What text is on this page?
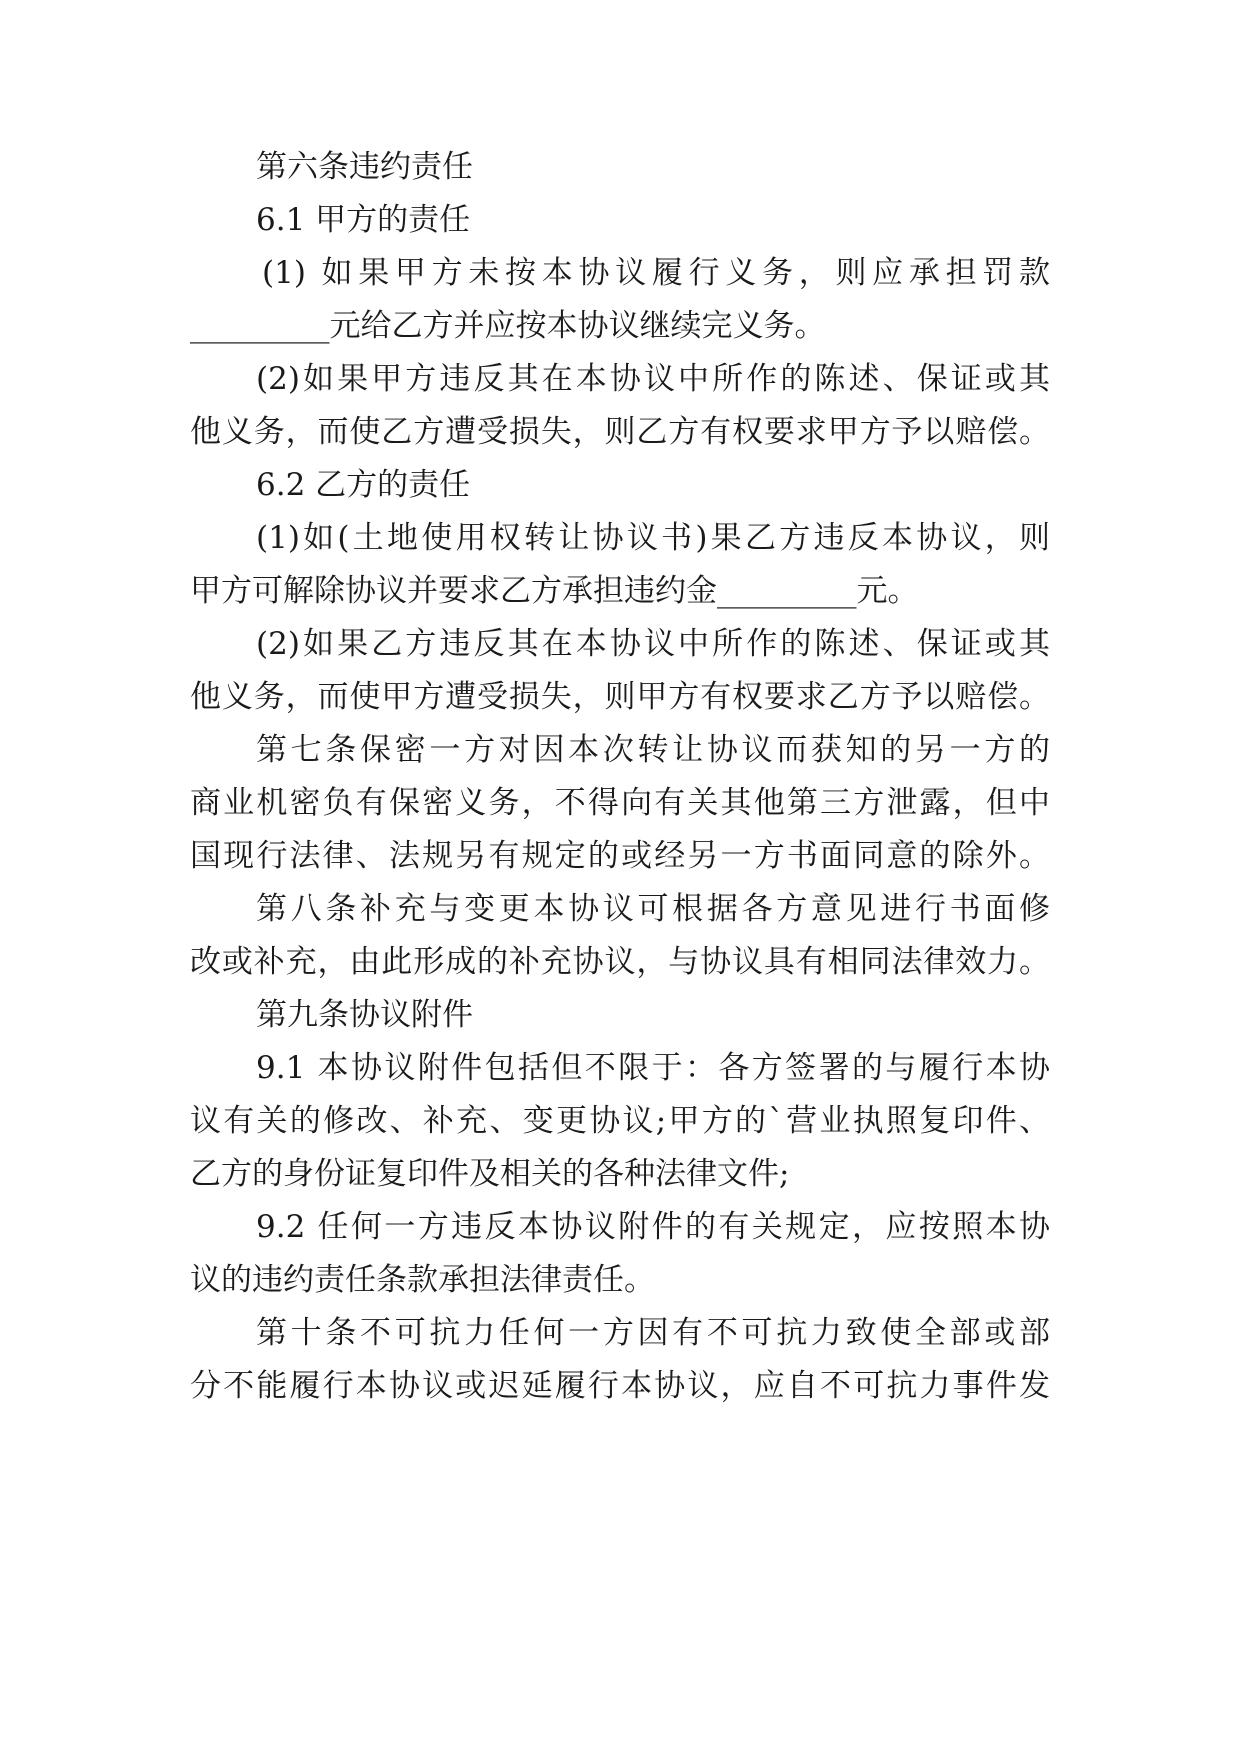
第六条违约责任
6.1 甲方的责任
(1) 如果甲方未按本协议履行义务，则应承担罚款
_________元给乙方并应按本协议继续完义务。
(2)如果甲方违反其在本协议中所作的陈述、保证或其
他义务，而使乙方遭受损失，则乙方有权要求甲方予以赔偿。
6.2 乙方的责任
(1)如(土地使用权转让协议书)果乙方违反本协议，则
甲方可解除协议并要求乙方承担违约金_________元。
(2)如果乙方违反其在本协议中所作的陈述、保证或其
他义务，而使甲方遭受损失，则甲方有权要求乙方予以赔偿。
第七条保密一方对因本次转让协议而获知的另一方的
商业机密负有保密义务，不得向有关其他第三方泄露，但中
国现行法律、法规另有规定的或经另一方书面同意的除外。
第八条补充与变更本协议可根据各方意见进行书面修
改或补充，由此形成的补充协议，与协议具有相同法律效力。
第九条协议附件
9.1 本协议附件包括但不限于：各方签署的与履行本协
议有关的修改、补充、变更协议;甲方的`营业执照复印件、
乙方的身份证复印件及相关的各种法律文件;
9.2 任何一方违反本协议附件的有关规定，应按照本协
议的违约责任条款承担法律责任。
第十条不可抗力任何一方因有不可抗力致使全部或部
分不能履行本协议或迟延履行本协议，应自不可抗力事件发
